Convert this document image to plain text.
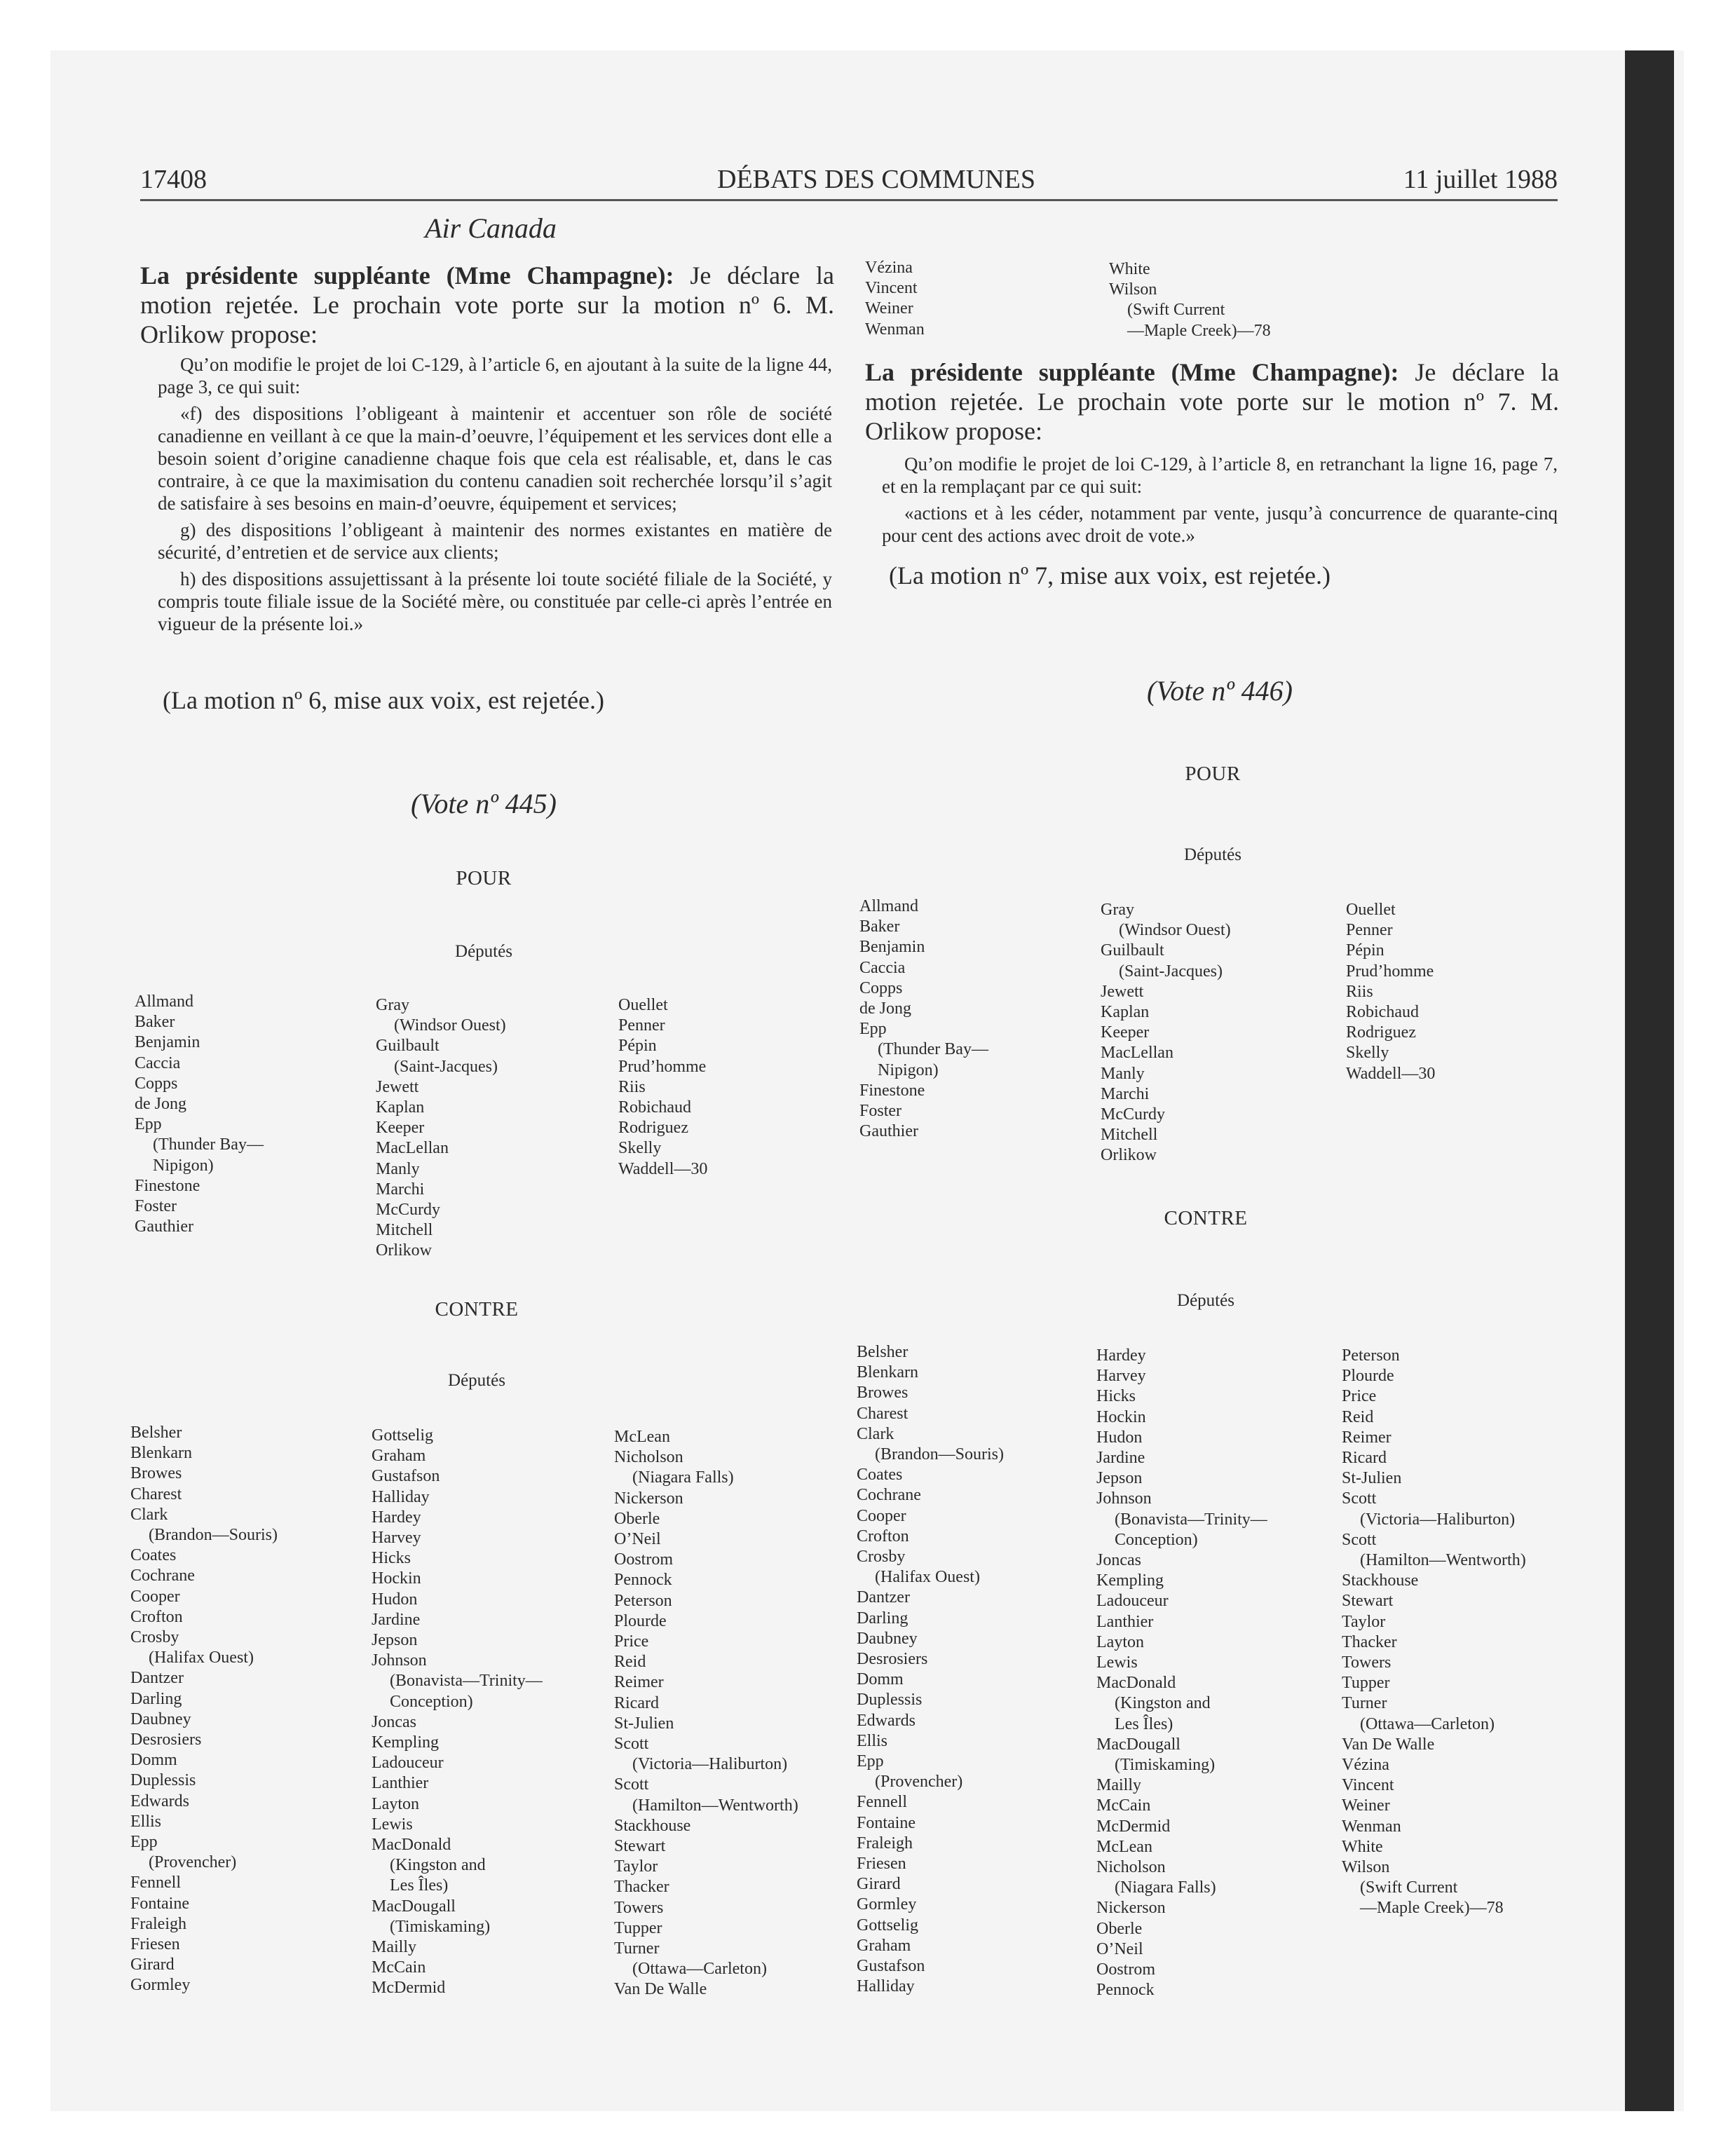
17408	DÉBATS DES COMMUNES	11 juillet 1988
Air Canada
La présidente suppléante (Mme Champagne): Je déclare la motion rejetée. Le prochain vote porte sur la motion nº 6. M. Orlikow propose:

Qu’on modifie le projet de loi C-129, à l’article 6, en ajoutant à la suite de la ligne 44, page 3, ce qui suit:

«f) des dispositions l’obligeant à maintenir et accentuer son rôle de société canadienne en veillant à ce que la main-d’oeuvre, l’équipement et les services dont elle a besoin soient d’origine canadienne chaque fois que cela est réalisable, et, dans le cas contraire, à ce que la maximisation du contenu canadien soit recherchée lorsqu’il s’agit de satisfaire à ses besoins en main-d’oeuvre, équipement et services;

g) des dispositions l’obligeant à maintenir des normes existantes en matière de sécurité, d’entretien et de service aux clients;

h) des dispositions assujettissant à la présente loi toute société filiale de la Société, y compris toute filiale issue de la Société mère, ou constituée par celle-ci après l’entrée en vigueur de la présente loi.»

(La motion nº 6, mise aux voix, est rejetée.)
(Vote nº 445)
POUR
Députés
Allmand
Baker
Benjamin
Caccia
Copps
de Jong
Epp
(Thunder Bay—
Nipigon)
Finestone
Foster
Gauthier
Gray
(Windsor Ouest)
Guilbault
(Saint-Jacques)
Jewett
Kaplan
Keeper
MacLellan
Manly
Marchi
McCurdy
Mitchell
Orlikow
Ouellet
Penner
Pépin
Prud’homme
Riis
Robichaud
Rodriguez
Skelly
Waddell—30
CONTRE
Députés
Belsher
Blenkarn
Browes
Charest
Clark
(Brandon—Souris)
Coates
Cochrane
Cooper
Crofton
Crosby
(Halifax Ouest)
Dantzer
Darling
Daubney
Desrosiers
Domm
Duplessis
Edwards
Ellis
Epp
(Provencher)
Fennell
Fontaine
Fraleigh
Friesen
Girard
Gormley
Gottselig
Graham
Gustafson
Halliday
Hardey
Harvey
Hicks
Hockin
Hudon
Jardine
Jepson
Johnson
(Bonavista—Trinity—
Conception)
Joncas
Kempling
Ladouceur
Lanthier
Layton
Lewis
MacDonald
(Kingston and
Les Îles)
MacDougall
(Timiskaming)
Mailly
McCain
McDermid
McLean
Nicholson
(Niagara Falls)
Nickerson
Oberle
O’Neil
Oostrom
Pennock
Peterson
Plourde
Price
Reid
Reimer
Ricard
St-Julien
Scott
(Victoria—Haliburton)
Scott
(Hamilton—Wentworth)
Stackhouse
Stewart
Taylor
Thacker
Towers
Tupper
Turner
(Ottawa—Carleton)
Van De Walle
Vézina
Vincent
Weiner
Wenman
White
Wilson
(Swift Current
—Maple Creek)—78
La présidente suppléante (Mme Champagne): Je déclare la motion rejetée. Le prochain vote porte sur le motion nº 7. M. Orlikow propose:

Qu’on modifie le projet de loi C-129, à l’article 8, en retranchant la ligne 16, page 7, et en la remplaçant par ce qui suit:

«actions et à les céder, notamment par vente, jusqu’à concurrence de quarante-cinq pour cent des actions avec droit de vote.»

(La motion nº 7, mise aux voix, est rejetée.)
(Vote nº 446)
POUR
Députés
Allmand
Baker
Benjamin
Caccia
Copps
de Jong
Epp
(Thunder Bay—
Nipigon)
Finestone
Foster
Gauthier
Gray
(Windsor Ouest)
Guilbault
(Saint-Jacques)
Jewett
Kaplan
Keeper
MacLellan
Manly
Marchi
McCurdy
Mitchell
Orlikow
Ouellet
Penner
Pépin
Prud’homme
Riis
Robichaud
Rodriguez
Skelly
Waddell—30
CONTRE
Députés
Belsher
Blenkarn
Browes
Charest
Clark
(Brandon—Souris)
Coates
Cochrane
Cooper
Crofton
Crosby
(Halifax Ouest)
Dantzer
Darling
Daubney
Desrosiers
Domm
Duplessis
Edwards
Ellis
Epp
(Provencher)
Fennell
Fontaine
Fraleigh
Friesen
Girard
Gormley
Gottselig
Graham
Gustafson
Halliday
Hardey
Harvey
Hicks
Hockin
Hudon
Jardine
Jepson
Johnson
(Bonavista—Trinity—
Conception)
Joncas
Kempling
Ladouceur
Lanthier
Layton
Lewis
MacDonald
(Kingston and
Les Îles)
MacDougall
(Timiskaming)
Mailly
McCain
McDermid
McLean
Nicholson
(Niagara Falls)
Nickerson
Oberle
O’Neil
Oostrom
Pennock
Peterson
Plourde
Price
Reid
Reimer
Ricard
St-Julien
Scott
(Victoria—Haliburton)
Scott
(Hamilton—Wentworth)
Stackhouse
Stewart
Taylor
Thacker
Towers
Tupper
Turner
(Ottawa—Carleton)
Van De Walle
Vézina
Vincent
Weiner
Wenman
White
Wilson
(Swift Current
—Maple Creek)—78
